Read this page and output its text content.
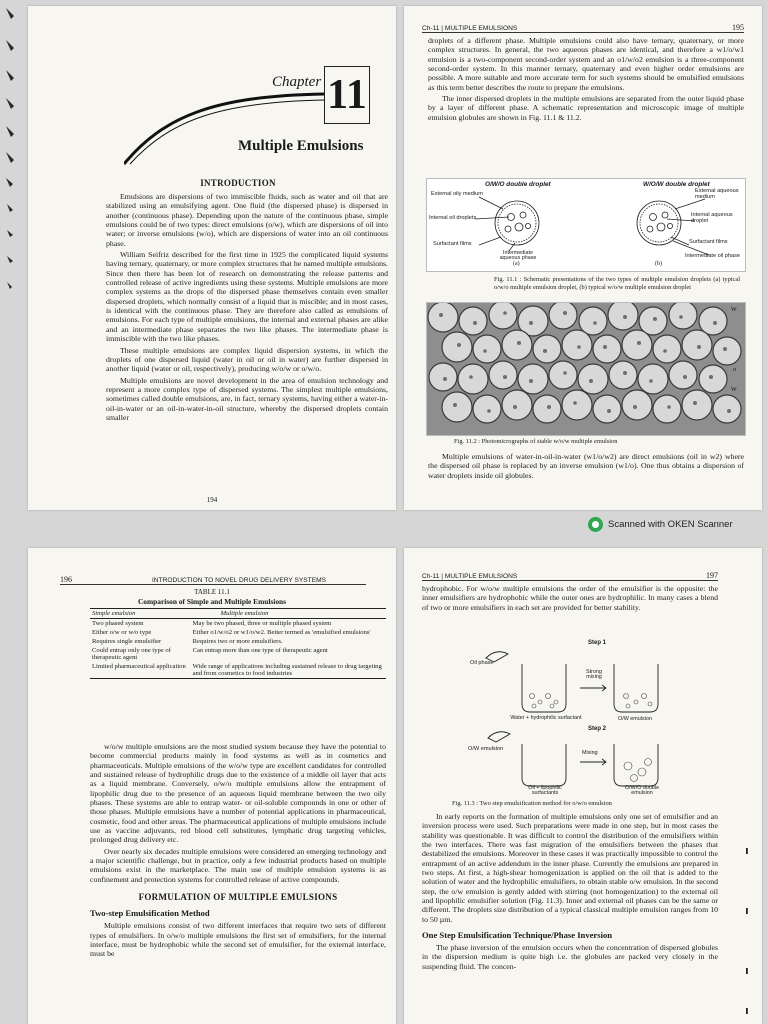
Chapter 11
Multiple Emulsions
INTRODUCTION

Emulsions are dispersions of two immiscible fluids, such as water and oil that are stabilized using an emulsifying agent. One fluid (the dispersed phase) is dispersed in another (continuous phase). Depending upon the nature of the continuous phase, simple emulsions could be of two types: direct emulsions (o/w), which are dispersions of oil into water; or inverse emulsions (w/o), which are dispersions of water into an oil continuous phase.

William Seifriz described for the first time in 1925 the complicated liquid systems having ternary, quaternary, or more complex structures that he named multiple emulsions. Since then there has been lot of research on demonstrating the release patterns and controlled release of active ingredients using these systems. Multiple emulsions are more complex systems as the drops of the dispersed phase themselves contain even smaller dispersed droplets, which normally consist of a liquid that is miscible; and in most cases, is identical with the continuous phase. They are therefore also called as emulsions of emulsions. For each type of multiple emulsions, the internal and external phases are alike and an intermediate phase separates the two like phases. The intermediate phase is immiscible with the two like phases.

These multiple emulsions are complex liquid dispersion systems, in which the droplets of one dispersed liquid (water in oil or oil in water) are further dispersed in another liquid (water or oil, respectively), producing w/o/w or o/w/o.

Multiple emulsions are novel development in the area of emulsion technology and represent a more complex type of dispersed systems. The simplest multiple emulsions, sometimes called double emulsions, are, in fact, ternary systems, having either a water-in-oil-in-water or an oil-in-water-in-oil structure, whereby the dispersed droplets contain smaller

194
Ch-11 | MULTIPLE EMULSIONS	195

droplets of a different phase. Multiple emulsions could also have ternary, quaternary, or more complex structures. In general, the two aqueous phases are identical, and therefore a w1/o/w1 emulsion is a two-component second-order system and an o1/w/o2 emulsion is a three-component second-order system. In this manner ternary, quaternary and even higher order emulsions are possible. A more suitable and more accurate term for such systems should be emulsified emulsions as this term better describes the route to prepare the emulsions.

The inner dispersed droplets in the multiple emulsions are separated from the outer liquid phase by a layer of different phase. A schematic representation and microscopic image of multiple emulsion globules are shown in Fig. 11.1 & 11.2.

O/W/O double droplet	W/O/W double droplet
External oily medium
Internal oil droplets
Surfactant films
Intermediate aqueous phase
External aqueous medium
Internal aqueous droplet
Surfactant films
Intermediate oil phase
(a)	(b)
Fig. 11.1 : Schematic presentations of the two types of multiple emulsion droplets (a) typical o/w/o multiple emulsion droplet, (b) typical w/o/w multiple emulsion droplet
W
o
W
Fig. 11.2 : Photomicrographs of stable w/o/w multiple emulsion

Multiple emulsions of water-in-oil-in-water (w1/o/w2) are direct emulsions (oil in w2) where the dispersed oil phase is replaced by an inverse emulsion (w1/o). One thus obtains a dispersion of water droplets inside oil globules.

Scanned with OKEN Scanner
196	INTRODUCTION TO NOVEL DRUG DELIVERY SYSTEMS
TABLE 11.1
Comparison of Simple and Multiple Emulsions
Simple emulsion	Multiple emulsion
Two phased system	May be two phased, three or multiple phased system
Either o/w or w/o type	Either o1/w/o2 or w1/o/w2. Better termed as 'emulsified emulsions'
Requires single emulsifier	Requires two or more emulsifiers.
Could entrap only one type of therapeutic agent	Can entrap more than one type of therapeutic agent
Limited pharmaceutical application	Wide range of applications including sustained release to drug targeting and from cosmetics to food industries

w/o/w multiple emulsions are the most studied system because they have the potential to become commercial products mainly in food systems as well as in cosmetics and pharmaceuticals. Multiple emulsions of the w/o/w type are excellent candidates for controlled and sustained release of hydrophilic drugs due to the existence of a middle oil layer that acts as a liquid membrane. Conversely, o/w/o multiple emulsions allow the entrapment of lipophilic drug due to the presence of an aqueous liquid membrane between the two oily phases. These systems are able to entrap water- or oil-soluble compounds in one or other of those phases. Multiple emulsions have a number of potential applications in pharmaceutical, cosmetic, food and other areas. The pharmaceutical applications of multiple emulsions include use as vaccine adjuvants, red blood cell substitutes, lymphatic drug targeting vehicles, prolonged drug delivery etc.

Over nearly six decades multiple emulsions were considered an emerging technology and a major scientific challenge, but in practice, only a few industrial products based on multiple emulsions exist in the marketplace. The main use of multiple emulsion systems is as confinement and protection systems for controlled release of active compounds.

FORMULATION OF MULTIPLE EMULSIONS
Two-step Emulsification Method

Multiple emulsions consist of two different interfaces that require two sets of different types of emulsifiers. In o/w/o multiple emulsions the first set of emulsifiers, for the internal interface, must be hydrophobic while the second set of emulsifier, for the external interface, must be

Ch-11 | MULTIPLE EMULSIONS	197

hydrophobic. For w/o/w multiple emulsions the order of the emulsifier is the opposite: the inner emulsifiers are hydrophobic while the outer ones are hydrophilic. In many cases a blend of two or more emulsifiers in each set are provided for better stability.

Step 1
Oil phase
Strong mixing
Water + hydrophilic surfactant	O/W emulsion
Step 2
O/W emulsion
Mixing
Oil + lipophilic surfactants
O/W/O double emulsion
Fig. 11.3 : Two step emulsification method for o/w/o emulsion

In early reports on the formation of multiple emulsions only one set of emulsifier and an inversion process were used. Such preparations were made in one step, but in most cases the stability was questionable. It was difficult to control the distribution of the emulsifiers within the two interfaces. There was fast migration of the emulsifiers between the phases that destabilized the emulsions. Moreover in these cases it was practically impossible to control the entrapment of an active addendum in the inner phase. Currently the emulsions are prepared in two steps. At first, a high-shear homogenization is applied on the oil that is added to the solution of water and the hydrophilic emulsifiers, to obtain stable o/w emulsion. In the second step, the o/w emulsion is gently added with stirring (not homogenization) to the external oil and lipophilic emulsifier solution (Fig. 11.3). Inner and external oil phases can be the same or different. The droplets size distribution of a typical classical multiple emulsion ranges from 10 to 50 µm.

One Step Emulsification Technique/Phase Inversion

The phase inversion of the emulsion occurs when the concentration of dispersed globules in the dispersion medium is quite high i.e. the globules are packed very closely in the suspending fluid. The concen-
